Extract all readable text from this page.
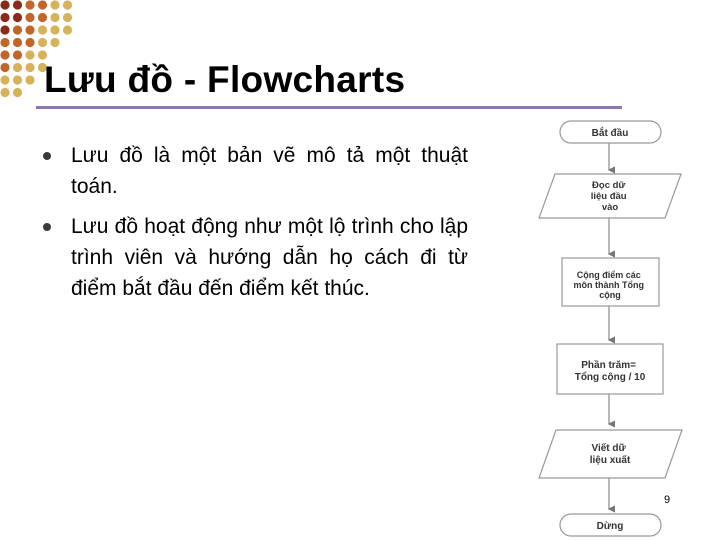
Lưu đồ - Flowcharts
Lưu đồ là một bản vẽ mô tả một thuật toán.
Lưu đồ hoạt động như một lộ trình cho lập trình viên và hướng dẫn họ cách đi từ điểm bắt đầu đến điểm kết thúc.
Bắt đầu
Đọc dữ liệu đầu vào
Cộng điểm các môn thành Tổng cộng
Phần trăm= Tổng cộng / 10
Viết dữ liệu xuất
Dừng
9
